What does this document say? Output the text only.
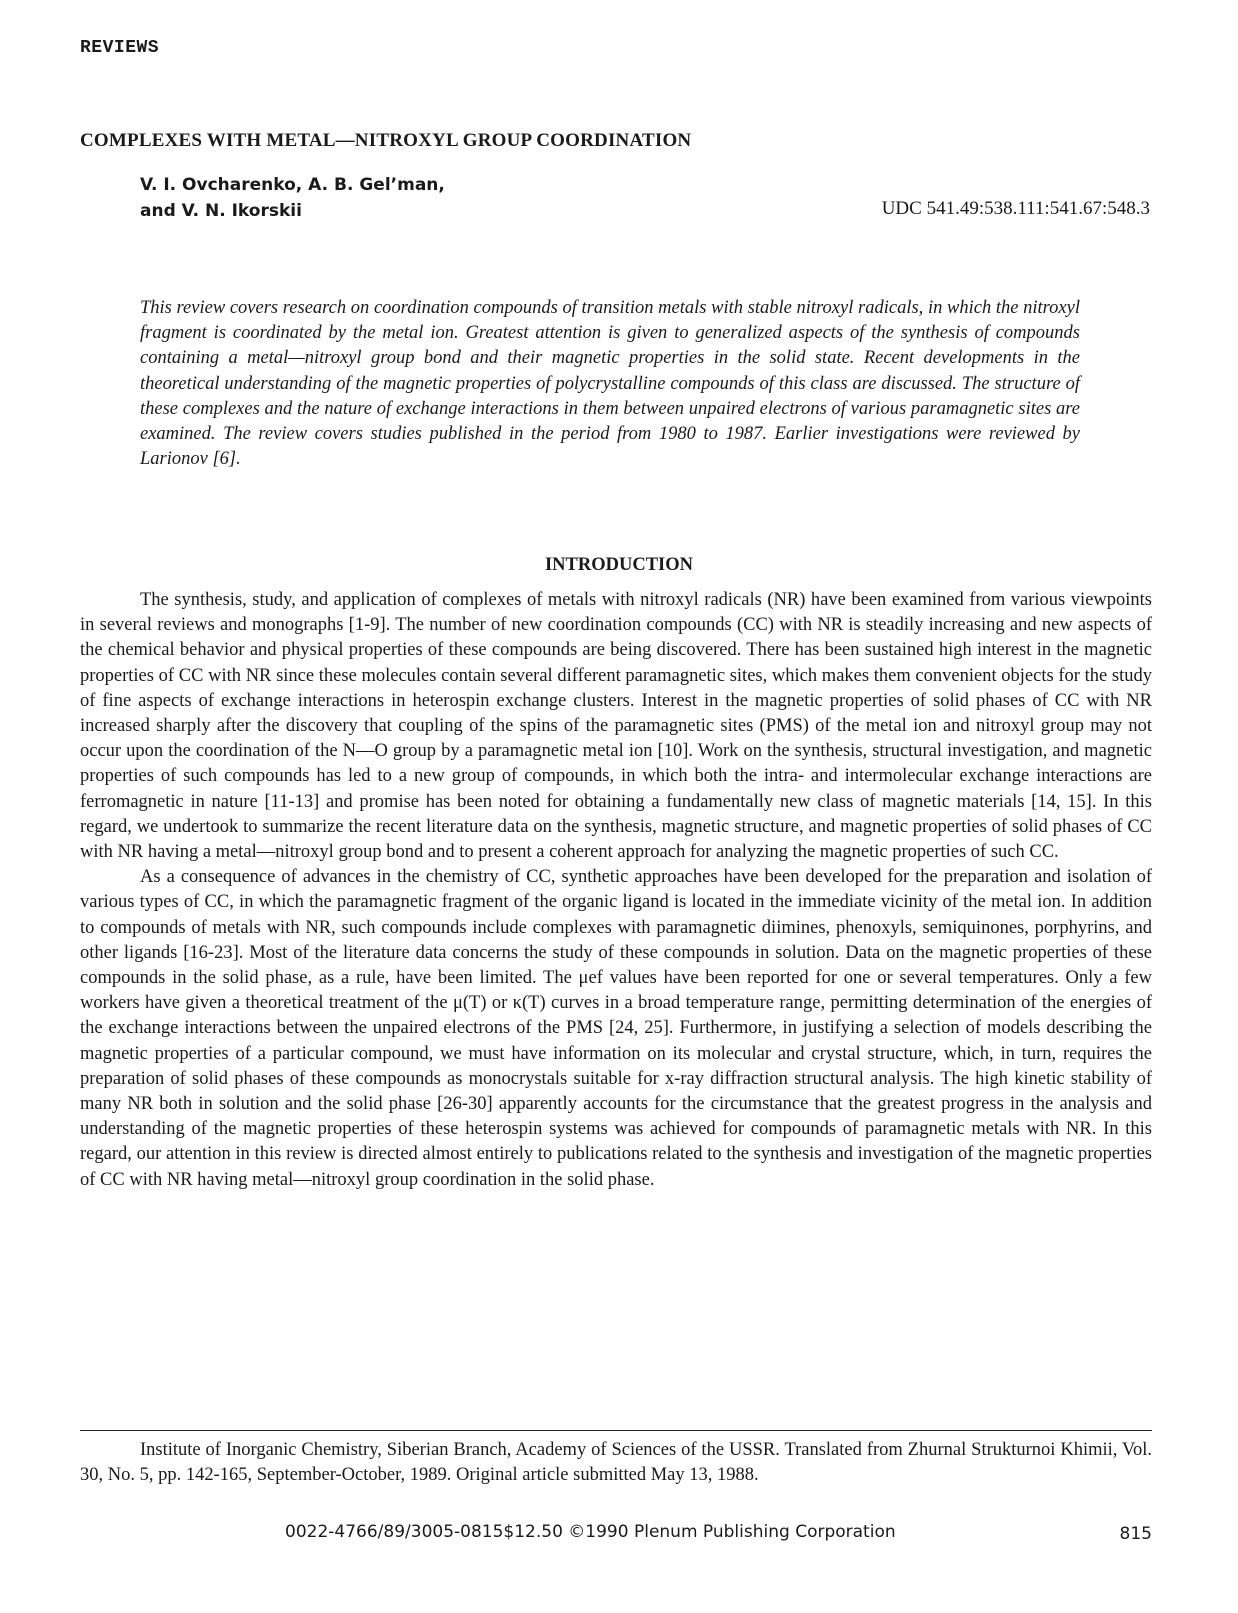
REVIEWS
COMPLEXES WITH METAL—NITROXYL GROUP COORDINATION
V. I. Ovcharenko, A. B. Gel’man,
and V. N. Ikorskii	UDC 541.49:538.111:541.67:548.3
This review covers research on coordination compounds of transition metals with stable nitroxyl radicals, in which the nitroxyl fragment is coordinated by the metal ion. Greatest attention is given to generalized aspects of the synthesis of compounds containing a metal—nitroxyl group bond and their magnetic properties in the solid state. Recent developments in the theoretical understanding of the magnetic properties of polycrystalline compounds of this class are discussed. The structure of these complexes and the nature of exchange interactions in them between unpaired electrons of various paramagnetic sites are examined. The review covers studies published in the period from 1980 to 1987. Earlier investigations were reviewed by Larionov [6].
INTRODUCTION

The synthesis, study, and application of complexes of metals with nitroxyl radicals (NR) have been examined from various viewpoints in several reviews and monographs [1-9]. The number of new coordination compounds (CC) with NR is steadily increasing and new aspects of the chemical behavior and physical properties of these compounds are being discovered. There has been sustained high interest in the magnetic properties of CC with NR since these molecules contain several different paramagnetic sites, which makes them convenient objects for the study of fine aspects of exchange interactions in heterospin exchange clusters. Interest in the magnetic properties of solid phases of CC with NR increased sharply after the discovery that coupling of the spins of the paramagnetic sites (PMS) of the metal ion and nitroxyl group may not occur upon the coordination of the N—O group by a paramagnetic metal ion [10]. Work on the synthesis, structural investigation, and magnetic properties of such compounds has led to a new group of compounds, in which both the intra- and intermolecular exchange interactions are ferromagnetic in nature [11-13] and promise has been noted for obtaining a fundamentally new class of magnetic materials [14, 15]. In this regard, we undertook to summarize the recent literature data on the synthesis, magnetic structure, and magnetic properties of solid phases of CC with NR having a metal—nitroxyl group bond and to present a coherent approach for analyzing the magnetic properties of such CC.

As a consequence of advances in the chemistry of CC, synthetic approaches have been developed for the preparation and isolation of various types of CC, in which the paramagnetic fragment of the organic ligand is located in the immediate vicinity of the metal ion. In addition to compounds of metals with NR, such compounds include complexes with paramagnetic diimines, phenoxyls, semiquinones, porphyrins, and other ligands [16-23]. Most of the literature data concerns the study of these compounds in solution. Data on the magnetic properties of these compounds in the solid phase, as a rule, have been limited. The μef values have been reported for one or several temperatures. Only a few workers have given a theoretical treatment of the μ(T) or κ(T) curves in a broad temperature range, permitting determination of the energies of the exchange interactions between the unpaired electrons of the PMS [24, 25]. Furthermore, in justifying a selection of models describing the magnetic properties of a particular compound, we must have information on its molecular and crystal structure, which, in turn, requires the preparation of solid phases of these compounds as monocrystals suitable for x-ray diffraction structural analysis. The high kinetic stability of many NR both in solution and the solid phase [26-30] apparently accounts for the circumstance that the greatest progress in the analysis and understanding of the magnetic properties of these heterospin systems was achieved for compounds of paramagnetic metals with NR. In this regard, our attention in this review is directed almost entirely to publications related to the synthesis and investigation of the magnetic properties of CC with NR having metal—nitroxyl group coordination in the solid phase.

Institute of Inorganic Chemistry, Siberian Branch, Academy of Sciences of the USSR. Translated from Zhurnal Strukturnoi Khimii, Vol. 30, No. 5, pp. 142-165, September-October, 1989. Original article submitted May 13, 1988.
0022-4766/89/3005-0815$12.50 ©1990 Plenum Publishing Corporation	815
